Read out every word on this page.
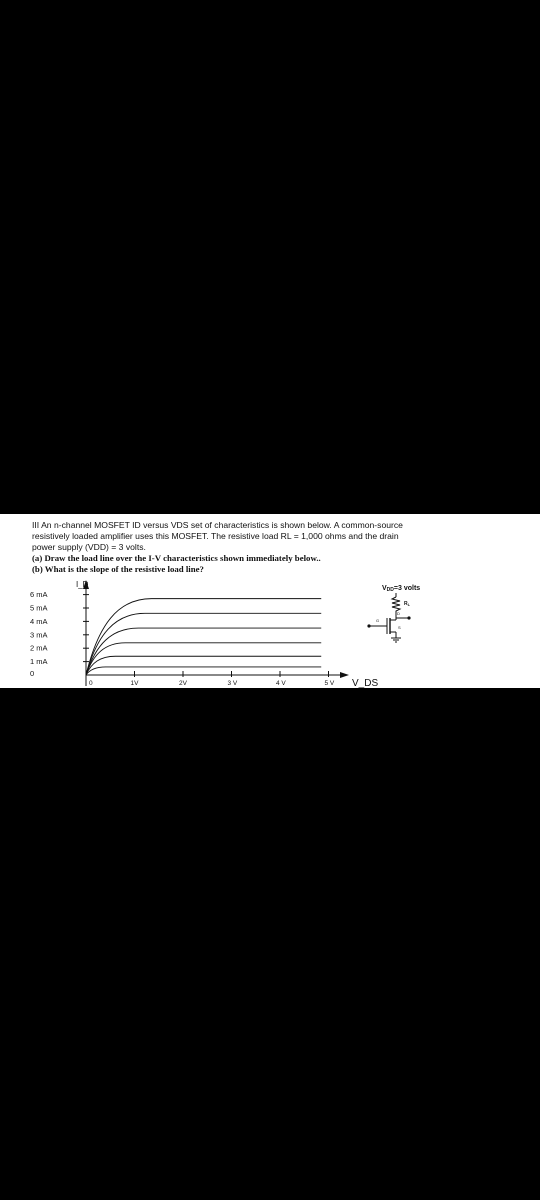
III An n-channel MOSFET ID versus VDS set of characteristics is shown below. A common-source
resistively loaded amplifier uses this MOSFET. The resistive load RL = 1,000 ohms and the drain
power supply (VDD) = 3 volts.
(a) Draw the load line over the I-V characteristics shown immediately below..
(b) What is the slope of the resistive load line?
I_D
V_DS
6 mA
5 mA
4 mA
3 mA
2 mA
1 mA
0
0	1V	2V	3 V	4 V	5 V
VDD=3 volts
$R_L$
D
G
S
